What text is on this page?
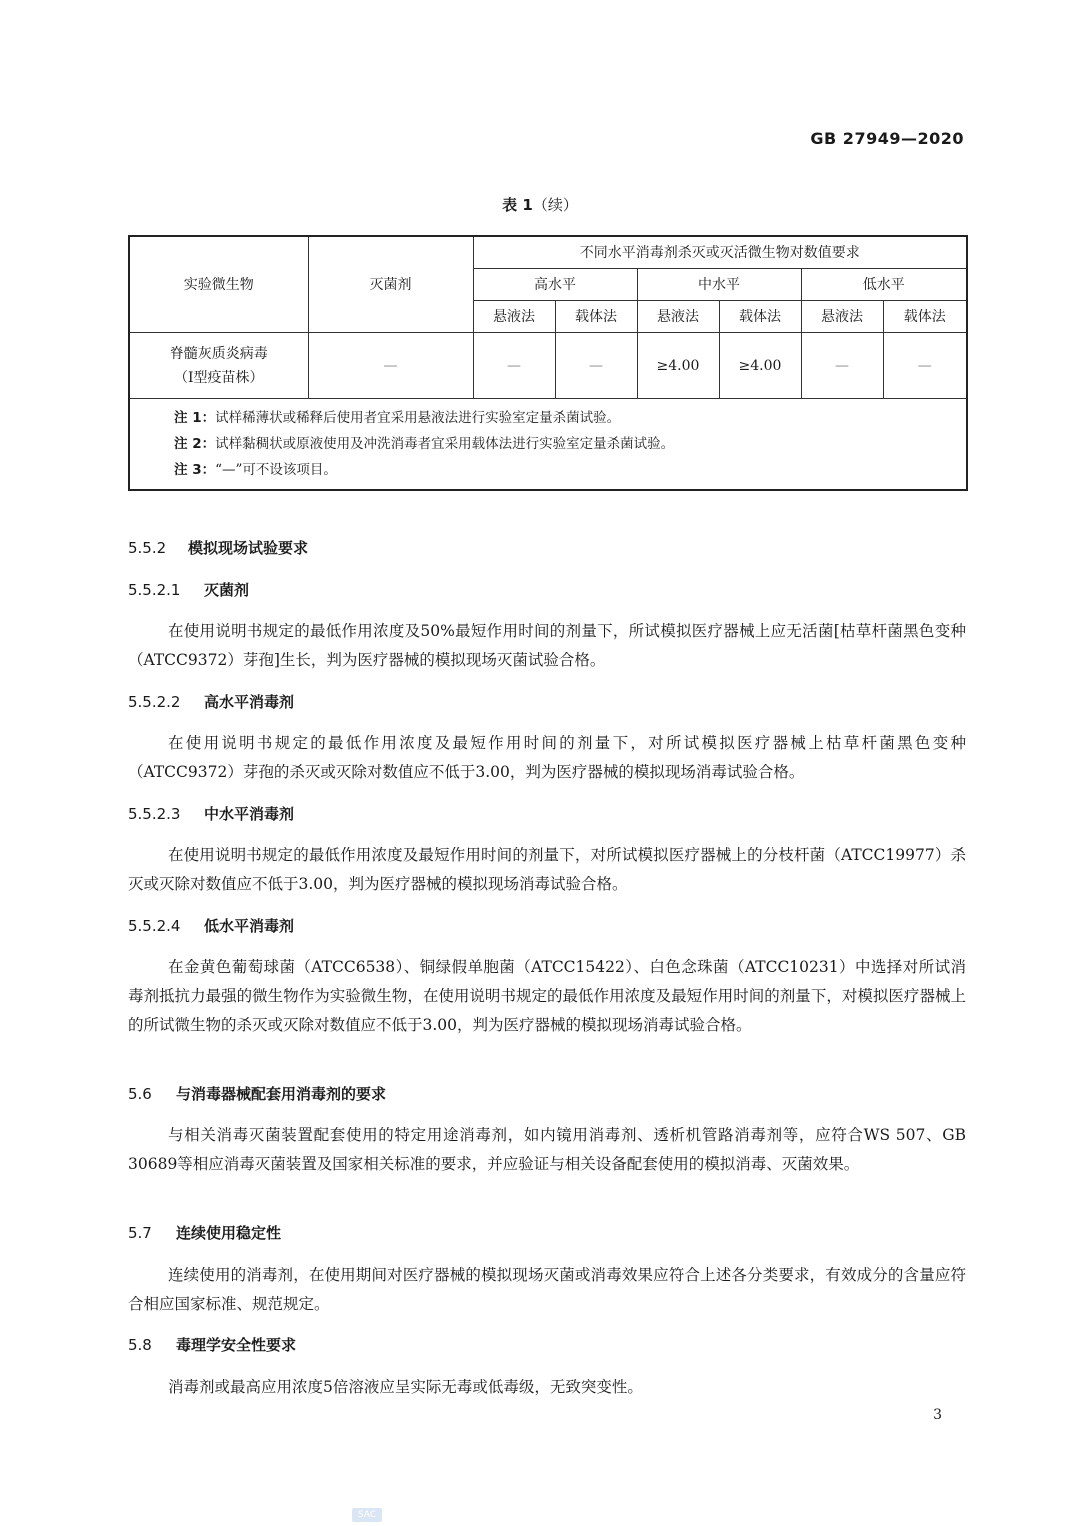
GB 27949—2020
表 1（续）
实验微生物	灭菌剂	不同水平消毒剂杀灭或灭活微生物对数值要求					
		高水平		中水平		低水平	
		悬液法	载体法	悬液法	载体法	悬液法	载体法

脊髓灰质炎病毒
（Ⅰ型疫苗株）	—	—	—	≥4.00	≥4.00	—	—

注 1：试样稀薄状或稀释后使用者宜采用悬液法进行实验室定量杀菌试验。
注 2：试样黏稠状或原液使用及冲洗消毒者宜采用载体法进行实验室定量杀菌试验。
注 3：“—”可不设该项目。							
5.5.2 模拟现场试验要求
5.5.2.1 灭菌剂
在使用说明书规定的最低作用浓度及50%最短作用时间的剂量下，所试模拟医疗器械上应无活菌[枯草杆菌黑色变种（ATCC9372）芽孢]生长，判为医疗器械的模拟现场灭菌试验合格。
5.5.2.2 高水平消毒剂
在使用说明书规定的最低作用浓度及最短作用时间的剂量下，对所试模拟医疗器械上枯草杆菌黑色变种（ATCC9372）芽孢的杀灭或灭除对数值应不低于3.00，判为医疗器械的模拟现场消毒试验合格。
5.5.2.3 中水平消毒剂
在使用说明书规定的最低作用浓度及最短作用时间的剂量下，对所试模拟医疗器械上的分枝杆菌（ATCC19977）杀灭或灭除对数值应不低于3.00，判为医疗器械的模拟现场消毒试验合格。
5.5.2.4 低水平消毒剂
在金黄色葡萄球菌（ATCC6538）、铜绿假单胞菌（ATCC15422）、白色念珠菌（ATCC10231）中选择对所试消毒剂抵抗力最强的微生物作为实验微生物，在使用说明书规定的最低作用浓度及最短作用时间的剂量下，对模拟医疗器械上的所试微生物的杀灭或灭除对数值应不低于3.00，判为医疗器械的模拟现场消毒试验合格。
5.6 与消毒器械配套用消毒剂的要求
与相关消毒灭菌装置配套使用的特定用途消毒剂，如内镜用消毒剂、透析机管路消毒剂等，应符合WS 507、GB 30689等相应消毒灭菌装置及国家相关标准的要求，并应验证与相关设备配套使用的模拟消毒、灭菌效果。
5.7 连续使用稳定性
连续使用的消毒剂，在使用期间对医疗器械的模拟现场灭菌或消毒效果应符合上述各分类要求，有效成分的含量应符合相应国家标准、规范规定。
5.8 毒理学安全性要求
消毒剂或最高应用浓度5倍溶液应呈实际无毒或低毒级，无致突变性。
3
SAC
